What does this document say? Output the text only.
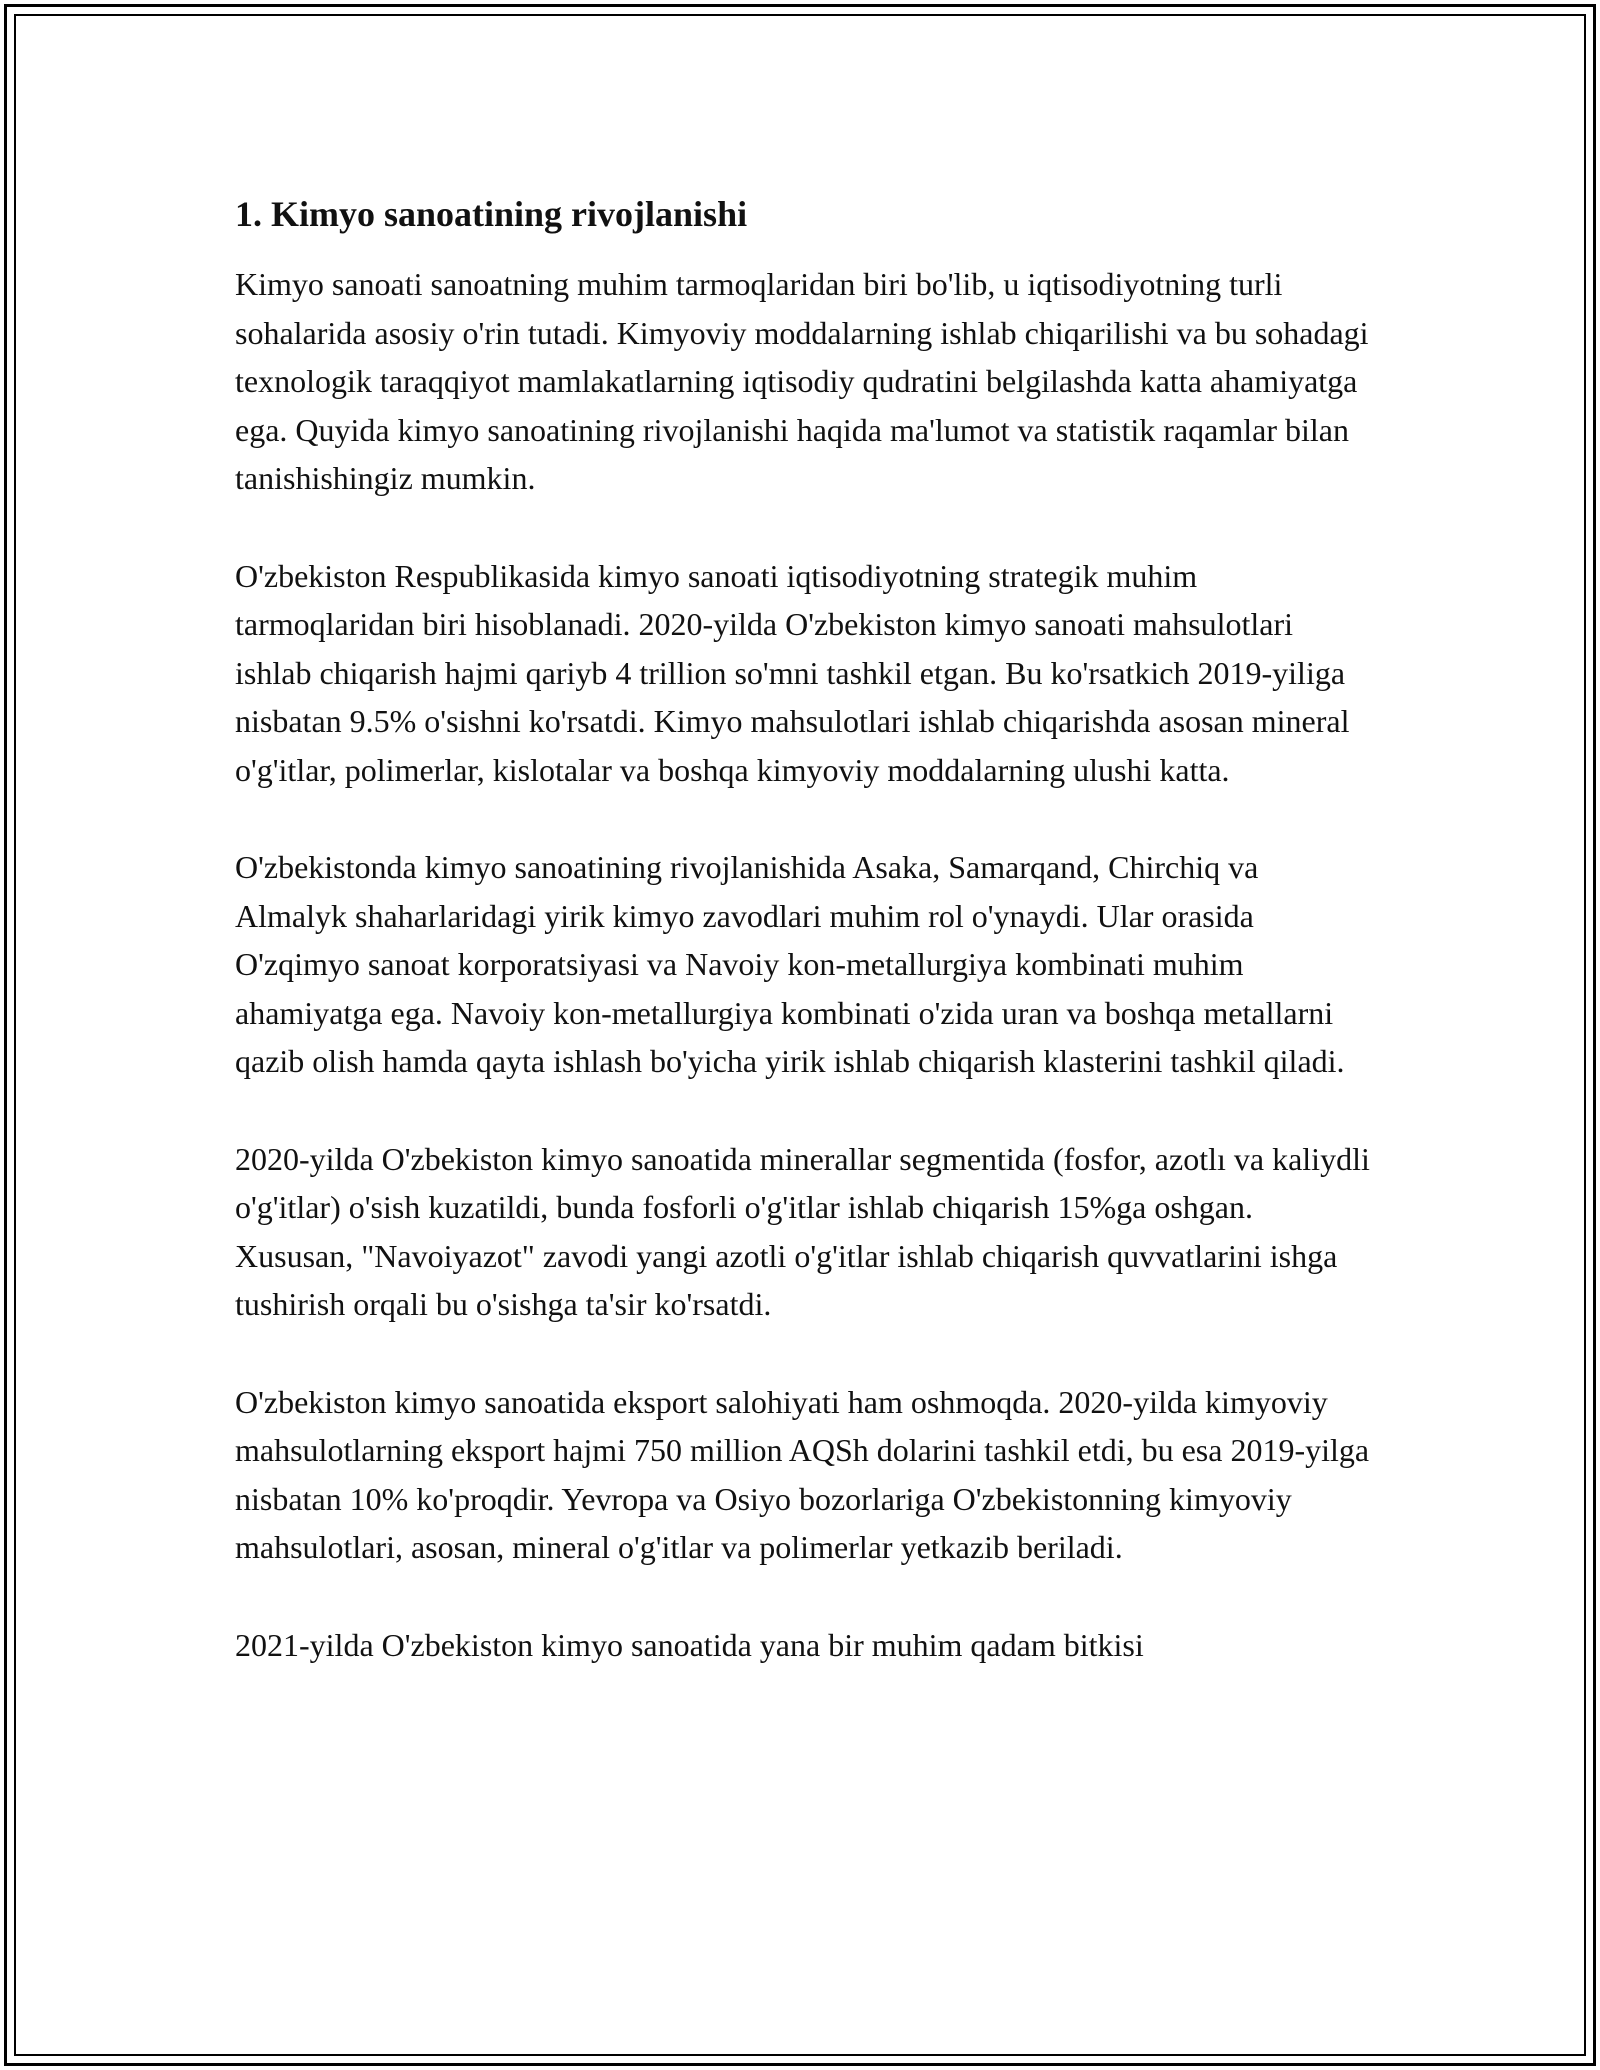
1. Kimyo sanoatining rivojlanishi

Kimyo sanoati sanoatning muhim tarmoqlaridan biri bo'lib, u iqtisodiyotning turli sohalarida asosiy o'rin tutadi. Kimyoviy moddalarning ishlab chiqarilishi va bu sohadagi texnologik taraqqiyot mamlakatlarning iqtisodiy qudratini belgilashda katta ahamiyatga ega. Quyida kimyo sanoatining rivojlanishi haqida ma'lumot va statistik raqamlar bilan tanishishingiz mumkin.

O'zbekiston Respublikasida kimyo sanoati iqtisodiyotning strategik muhim tarmoqlaridan biri hisoblanadi. 2020-yilda O'zbekiston kimyo sanoati mahsulotlari ishlab chiqarish hajmi qariyb 4 trillion so'mni tashkil etgan. Bu ko'rsatkich 2019-yiliga nisbatan 9.5% o'sishni ko'rsatdi. Kimyo mahsulotlari ishlab chiqarishda asosan mineral o'g'itlar, polimerlar, kislotalar va boshqa kimyoviy moddalarning ulushi katta.

O'zbekistonda kimyo sanoatining rivojlanishida Asaka, Samarqand, Chirchiq va Almalyk shaharlaridagi yirik kimyo zavodlari muhim rol o'ynaydi. Ular orasida O'zqimyo sanoat korporatsiyasi va Navoiy kon-metallurgiya kombinati muhim ahamiyatga ega. Navoiy kon-metallurgiya kombinati o'zida uran va boshqa metallarni qazib olish hamda qayta ishlash bo'yicha yirik ishlab chiqarish klasterini tashkil qiladi.

2020-yilda O'zbekiston kimyo sanoatida minerallar segmentida (fosfor, azotlı va kaliydli o'g'itlar) o'sish kuzatildi, bunda fosforli o'g'itlar ishlab chiqarish 15%ga oshgan. Xususan, "Navoiyazot" zavodi yangi azotli o'g'itlar ishlab chiqarish quvvatlarini ishga tushirish orqali bu o'sishga ta'sir ko'rsatdi.

O'zbekiston kimyo sanoatida eksport salohiyati ham oshmoqda. 2020-yilda kimyoviy mahsulotlarning eksport hajmi 750 million AQSh dolarini tashkil etdi, bu esa 2019-yilga nisbatan 10% ko'proqdir. Yevropa va Osiyo bozorlariga O'zbekistonning kimyoviy mahsulotlari, asosan, mineral o'g'itlar va polimerlar yetkazib beriladi.

2021-yilda O'zbekiston kimyo sanoatida yana bir muhim qadam bitkisi
